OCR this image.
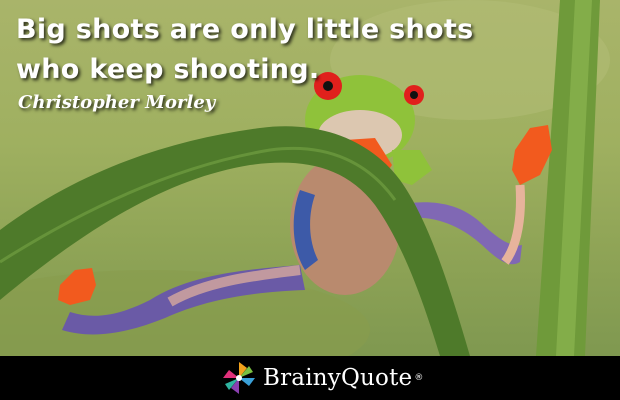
Big shots are only little shots
who keep shooting.
Christopher Morley
BrainyQuote ®
